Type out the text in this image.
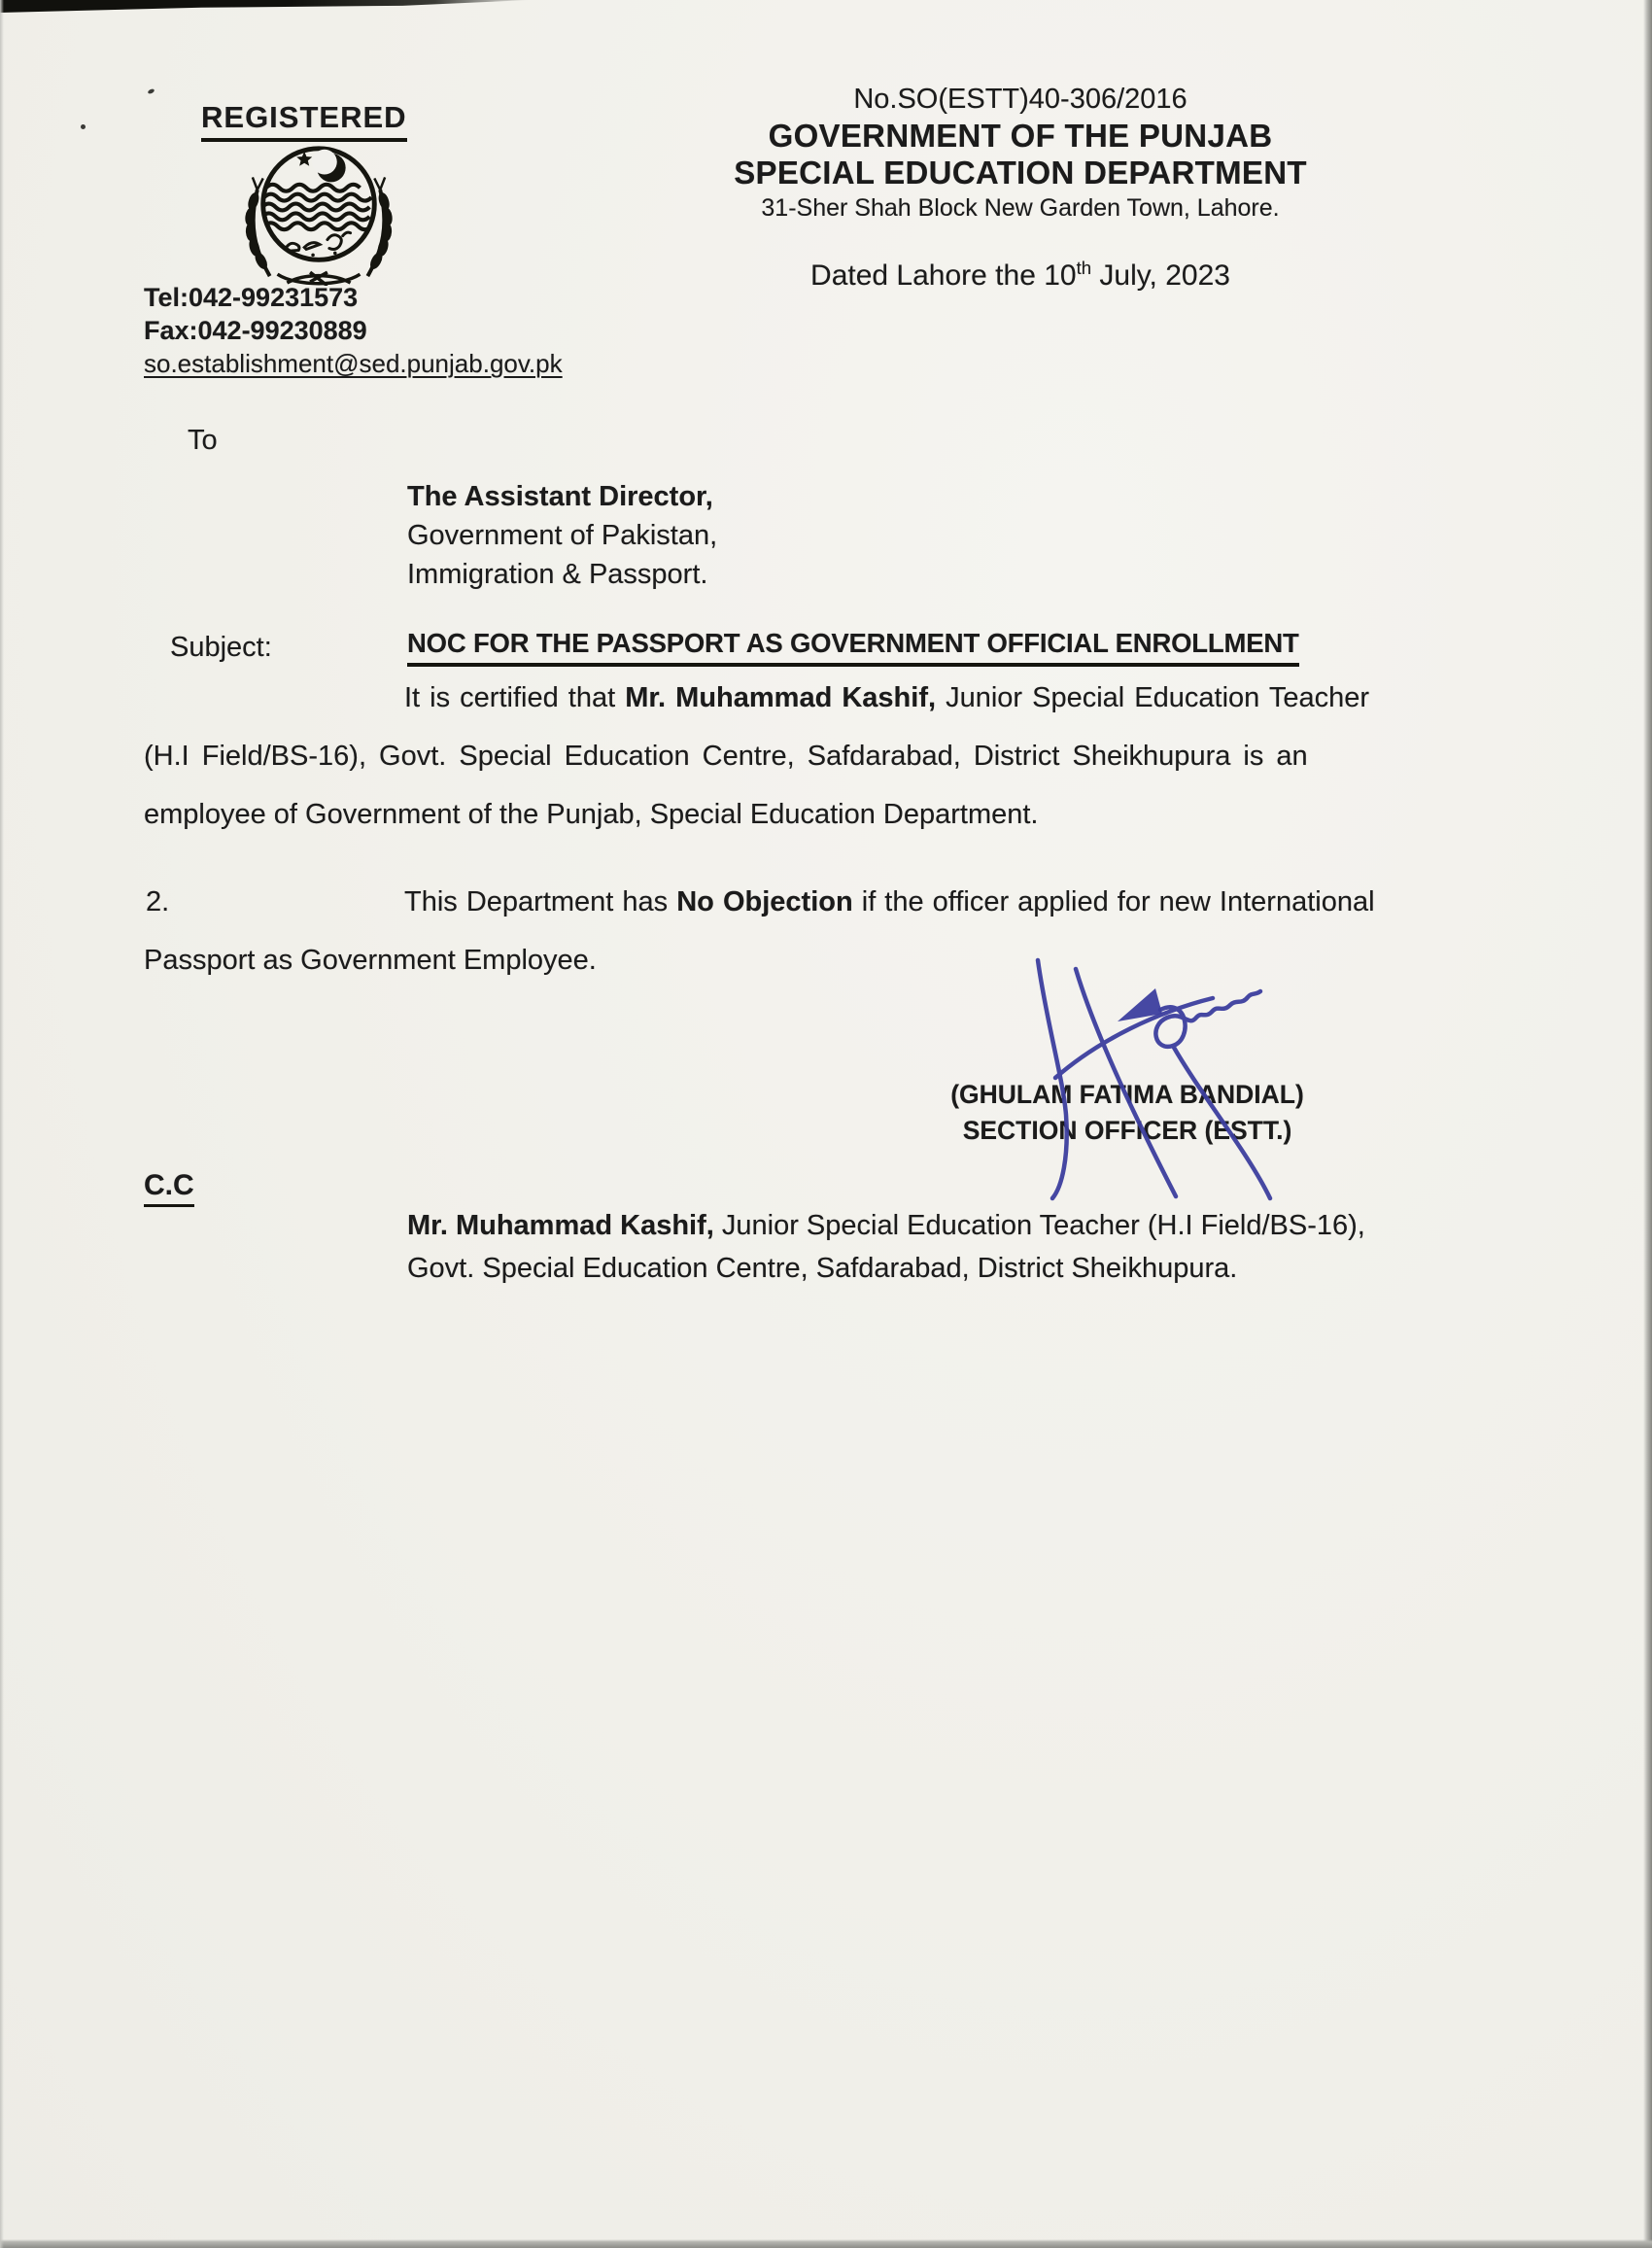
REGISTERED
No.SO(ESTT)40-306/2016
GOVERNMENT OF THE PUNJAB
SPECIAL EDUCATION DEPARTMENT
31-Sher Shah Block New Garden Town, Lahore.
Dated Lahore the 10th July, 2023
Tel:042-99231573
Fax:042-99230889
so.establishment@sed.punjab.gov.pk
To
The Assistant Director,
Government of Pakistan,
Immigration & Passport.
Subject:	NOC FOR THE PASSPORT AS GOVERNMENT OFFICIAL ENROLLMENT
It is certified that Mr. Muhammad Kashif, Junior Special Education Teacher
(H.I Field/BS-16), Govt. Special Education Centre, Safdarabad, District Sheikhupura is an
employee of Government of the Punjab, Special Education Department.
2.	This Department has No Objection if the officer applied for new International
Passport as Government Employee.
(GHULAM FATIMA BANDIAL)
SECTION OFFICER (ESTT.)
C.C
Mr. Muhammad Kashif, Junior Special Education Teacher (H.I Field/BS-16),
Govt. Special Education Centre, Safdarabad, District Sheikhupura.
